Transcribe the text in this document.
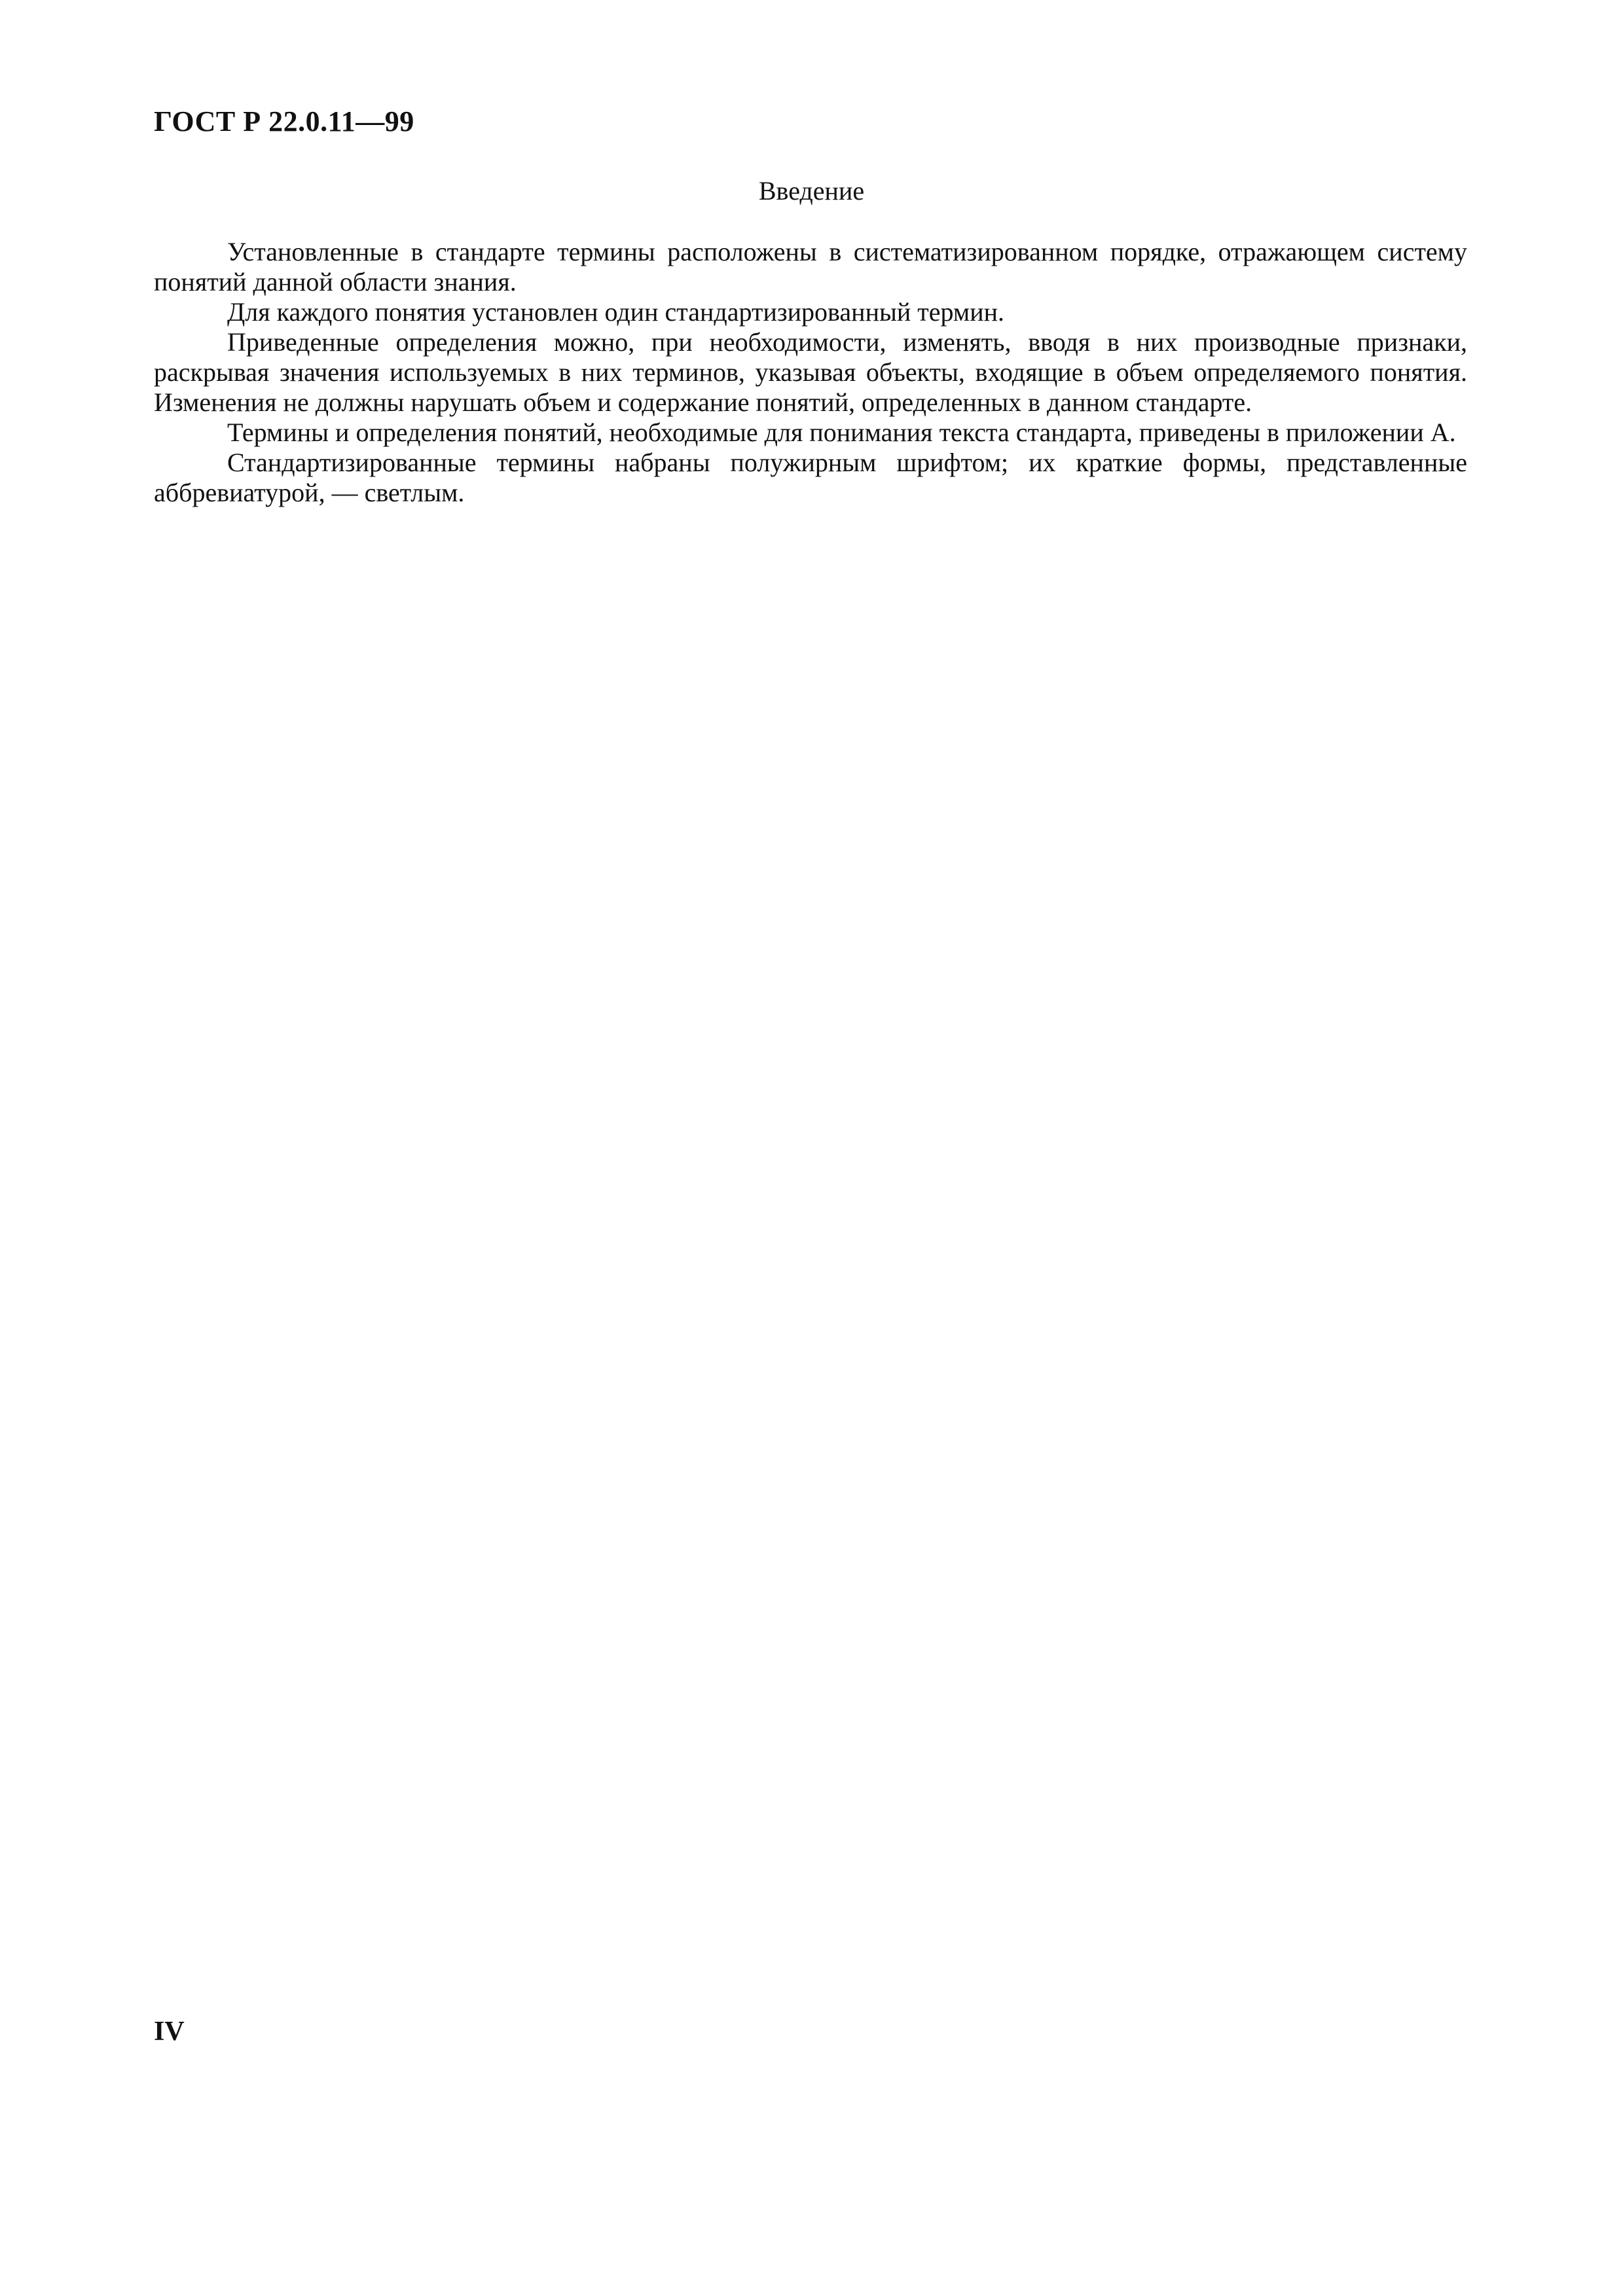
ГОСТ Р 22.0.11—99
Введение

Установленные в стандарте термины расположены в систематизированном порядке, отражающем систему понятий данной области знания.

Для каждого понятия установлен один стандартизированный термин.

Приведенные определения можно, при необходимости, изменять, вводя в них производные признаки, раскрывая значения используемых в них терминов, указывая объекты, входящие в объем определяемого понятия. Изменения не должны нарушать объем и содержание понятий, определенных в данном стандарте.

Термины и определения понятий, необходимые для понимания текста стандарта, приведены в приложении А.

Стандартизированные термины набраны полужирным шрифтом; их краткие формы, представленные аббревиатурой, — светлым.

IV
